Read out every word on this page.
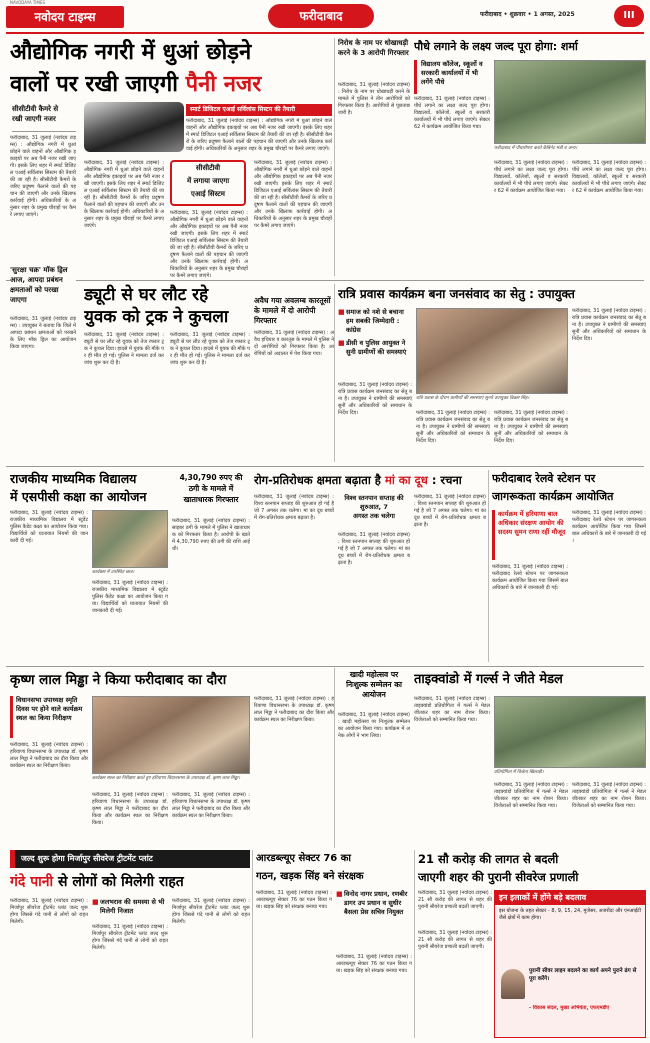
नवोदय टाइम्स
NAVODAYA TIMES
फरीदाबाद	फरीदाबाद • शुक्रवार • 1 अगस्त, 2025	III
औद्योगिक नगरी में धुआं छोड़ने
वालों पर रखी जाएगी पैनी नजर
सीसीटीवी कैमरे से
रखी जाएगी नजर
स्मार्ट डिजिटल एआई सर्विलांस सिस्टम की तैयारी
फरीदाबाद, 31 जुलाई (नवोदय टाइम्स) : औद्योगिक नगरी में धुआं छोड़ने वाले वाहनों और औद्योगिक इकाइयों पर अब पैनी नजर रखी जाएगी। इसके लिए शहर में स्मार्ट डिजिटल एआई सर्विलांस सिस्टम की तैयारी की जा रही है। सीसीटीवी कैमरों के जरिए प्रदूषण फैलाने वालों की पहचान की जाएगी और उनके खिलाफ कार्रवाई होगी। अधिकारियों के अनुसार शहर के प्रमुख चौराहों पर कैमरे लगाए जाएंगे।
फरीदाबाद, 31 जुलाई (नवोदय टाइम्स) : औद्योगिक नगरी में धुआं छोड़ने वाले वाहनों और औद्योगिक इकाइयों पर अब पैनी नजर रखी जाएगी। इसके लिए शहर में स्मार्ट डिजिटल एआई सर्विलांस सिस्टम की तैयारी की जा रही है। सीसीटीवी कैमरों के जरिए प्रदूषण फैलाने वालों की पहचान की जाएगी और उनके खिलाफ कार्रवाई होगी। अधिकारियों के अनुसार शहर के प्रमुख चौराहों पर कैमरे लगाए जाएंगे।
फरीदाबाद, 31 जुलाई (नवोदय टाइम्स) : औद्योगिक नगरी में धुआं छोड़ने वाले वाहनों और औद्योगिक इकाइयों पर अब पैनी नजर रखी जाएगी। इसके लिए शहर में स्मार्ट डिजिटल एआई सर्विलांस सिस्टम की तैयारी की जा रही है। सीसीटीवी कैमरों के जरिए प्रदूषण फैलाने वालों की पहचान की जाएगी और उनके खिलाफ कार्रवाई होगी। अधिकारियों के अनुसार शहर के प्रमुख चौराहों पर कैमरे लगाए जाएंगे।
फरीदाबाद, 31 जुलाई (नवोदय टाइम्स) : औद्योगिक नगरी में धुआं छोड़ने वाले वाहनों और औद्योगिक इकाइयों पर अब पैनी नजर रखी जाएगी। इसके लिए शहर में स्मार्ट डिजिटल एआई सर्विलांस सिस्टम की तैयारी की जा रही है। सीसीटीवी कैमरों के जरिए प्रदूषण फैलाने वालों की पहचान की जाएगी और उनके खिलाफ कार्रवाई होगी। अधिकारियों के अनुसार शहर के प्रमुख चौराहों पर कैमरे लगाए जाएंगे।
फरीदाबाद, 31 जुलाई (नवोदय टाइम्स) : औद्योगिक नगरी में धुआं छोड़ने वाले वाहनों और औद्योगिक इकाइयों पर अब पैनी नजर रखी जाएगी। इसके लिए शहर में स्मार्ट डिजिटल एआई सर्विलांस सिस्टम की तैयारी की जा रही है। सीसीटीवी कैमरों के जरिए प्रदूषण फैलाने वालों की पहचान की जाएगी और उनके खिलाफ कार्रवाई होगी। अधिकारियों के अनुसार शहर के प्रमुख चौराहों पर कैमरे लगाए जाएंगे।
सीसीटीवी
में लगाया जाएगा
एआई सिस्टम
निरोध के नाम पर धोखाधड़ी करने के 3 आरोपी गिरफ्तार
फरीदाबाद, 31 जुलाई (नवोदय टाइम्स) : निरोध के नाम पर धोखाधड़ी करने के मामले में पुलिस ने तीन आरोपियों को गिरफ्तार किया है। आरोपियों से पूछताछ जारी है।
पौधे लगाने के लक्ष्य जल्द पूरा होगा: शर्मा
विद्यालय कॉलेज, स्कूलों व सरकारी कार्यालयों में भी लगेंगे पौधे
फरीदाबाद, 31 जुलाई (नवोदय टाइम्स) : पौधे लगाने का लक्ष्य जल्द पूरा होगा। विद्यालयों, कॉलेजों, स्कूलों व सरकारी कार्यालयों में भी पौधे लगाए जाएंगे। सेक्टर 62 में कार्यक्रम आयोजित किया गया।
फरीदाबाद में पौधारोपण करते कैबिनेट मंत्री व अन्य।
फरीदाबाद, 31 जुलाई (नवोदय टाइम्स) : पौधे लगाने का लक्ष्य जल्द पूरा होगा। विद्यालयों, कॉलेजों, स्कूलों व सरकारी कार्यालयों में भी पौधे लगाए जाएंगे। सेक्टर 62 में कार्यक्रम आयोजित किया गया।
फरीदाबाद, 31 जुलाई (नवोदय टाइम्स) : पौधे लगाने का लक्ष्य जल्द पूरा होगा। विद्यालयों, कॉलेजों, स्कूलों व सरकारी कार्यालयों में भी पौधे लगाए जाएंगे। सेक्टर 62 में कार्यक्रम आयोजित किया गया।
'सुरक्षा चक्र' मॉक ड्रिल आज, आपदा प्रबंधन क्षमताओं को परखा जाएगा
फरीदाबाद, 31 जुलाई (नवोदय टाइम्स) : उपायुक्त ने बताया कि जिले में आपदा प्रबंधन क्षमताओं को परखने के लिए मॉक ड्रिल का आयोजन किया जाएगा।
ड्यूटी से घर लौट रहे
युवक को ट्रक ने कुचला
फरीदाबाद, 31 जुलाई (नवोदय टाइम्स) : ड्यूटी से घर लौट रहे युवक को तेज रफ्तार ट्रक ने कुचल दिया। हादसे में युवक की मौके पर ही मौत हो गई। पुलिस ने मामला दर्ज कर जांच शुरू कर दी है।
फरीदाबाद, 31 जुलाई (नवोदय टाइम्स) : ड्यूटी से घर लौट रहे युवक को तेज रफ्तार ट्रक ने कुचल दिया। हादसे में युवक की मौके पर ही मौत हो गई। पुलिस ने मामला दर्ज कर जांच शुरू कर दी है।
अवैध गया अवलम्ब कारतूसों के मामले में दो आरोपी गिरफ्तार
फरीदाबाद, 31 जुलाई (नवोदय टाइम्स) : अवैध हथियार व कारतूस के मामले में पुलिस ने दो आरोपियों को गिरफ्तार किया है। आरोपियों को अदालत में पेश किया गया।
रात्रि प्रवास कार्यक्रम बना जनसंवाद का सेतु : उपायुक्त
■ समाज को नशे से बचाना हम सबकी जिम्मेदारी : कांग्रेस
■ डीसी व पुलिस आयुक्त ने सुनी ग्रामीणों की समस्याएं
फरीदाबाद, 31 जुलाई (नवोदय टाइम्स) : रात्रि प्रवास कार्यक्रम जनसंवाद का सेतु बना है। उपायुक्त ने ग्रामीणों की समस्याएं सुनीं और अधिकारियों को समाधान के निर्देश दिए।
रात्रि प्रवास के दौरान ग्रामीणों की समस्याएं सुनते उपायुक्त विक्रम सिंह।
फरीदाबाद, 31 जुलाई (नवोदय टाइम्स) : रात्रि प्रवास कार्यक्रम जनसंवाद का सेतु बना है। उपायुक्त ने ग्रामीणों की समस्याएं सुनीं और अधिकारियों को समाधान के निर्देश दिए।
फरीदाबाद, 31 जुलाई (नवोदय टाइम्स) : रात्रि प्रवास कार्यक्रम जनसंवाद का सेतु बना है। उपायुक्त ने ग्रामीणों की समस्याएं सुनीं और अधिकारियों को समाधान के निर्देश दिए।
फरीदाबाद, 31 जुलाई (नवोदय टाइम्स) : रात्रि प्रवास कार्यक्रम जनसंवाद का सेतु बना है। उपायुक्त ने ग्रामीणों की समस्याएं सुनीं और अधिकारियों को समाधान के निर्देश दिए।
राजकीय माध्यमिक विद्यालय
में एसपीसी कक्षा का आयोजन
फरीदाबाद, 31 जुलाई (नवोदय टाइम्स) : राजकीय माध्यमिक विद्यालय में स्टूडेंट पुलिस कैडेट कक्षा का आयोजन किया गया। विद्यार्थियों को यातायात नियमों की जानकारी दी गई।
कार्यक्रम में उपस्थित छात्र।
फरीदाबाद, 31 जुलाई (नवोदय टाइम्स) : राजकीय माध्यमिक विद्यालय में स्टूडेंट पुलिस कैडेट कक्षा का आयोजन किया गया। विद्यार्थियों को यातायात नियमों की जानकारी दी गई।
4,30,790 रुपए की
ठगी के मामले में
खाताधारक गिरफ्तार
फरीदाबाद, 31 जुलाई (नवोदय टाइम्स) : साइबर ठगी के मामले में पुलिस ने खाताधारक को गिरफ्तार किया है। आरोपी के खाते में 4,30,790 रुपए की ठगी की राशि आई थी।
रोग-प्रतिरोधक क्षमता बढ़ाता है मां का दूध : रचना
फरीदाबाद, 31 जुलाई (नवोदय टाइम्स) : विश्व स्तनपान सप्ताह की शुरुआत हो गई है जो 7 अगस्त तक चलेगा। मां का दूध बच्चों में रोग-प्रतिरोधक क्षमता बढ़ाता है।
विश्व स्तनपान सप्ताह की शुरुआत, 7
अगस्त तक चलेगा
फरीदाबाद, 31 जुलाई (नवोदय टाइम्स) : विश्व स्तनपान सप्ताह की शुरुआत हो गई है जो 7 अगस्त तक चलेगा। मां का दूध बच्चों में रोग-प्रतिरोधक क्षमता बढ़ाता है।
फरीदाबाद, 31 जुलाई (नवोदय टाइम्स) : विश्व स्तनपान सप्ताह की शुरुआत हो गई है जो 7 अगस्त तक चलेगा। मां का दूध बच्चों में रोग-प्रतिरोधक क्षमता बढ़ाता है।
फरीदाबाद रेलवे स्टेशन पर
जागरूकता कार्यक्रम आयोजित
कार्यक्रम में हरियाणा बाल अधिकार संरक्षण आयोग की सदस्य सुमन राणा रहीं मौजूद
फरीदाबाद, 31 जुलाई (नवोदय टाइम्स) : फरीदाबाद रेलवे स्टेशन पर जागरूकता कार्यक्रम आयोजित किया गया जिसमें बाल अधिकारों के बारे में जानकारी दी गई।
फरीदाबाद, 31 जुलाई (नवोदय टाइम्स) : फरीदाबाद रेलवे स्टेशन पर जागरूकता कार्यक्रम आयोजित किया गया जिसमें बाल अधिकारों के बारे में जानकारी दी गई।
कृष्ण लाल मिड्ढा ने किया फरीदाबाद का दौरा
विधानसभा उपाध्यक्ष स्मृति दिवस पर होने वाले कार्यक्रम स्थल का किया निरीक्षण
फरीदाबाद, 31 जुलाई (नवोदय टाइम्स) : हरियाणा विधानसभा के उपाध्यक्ष डॉ. कृष्ण लाल मिड्ढा ने फरीदाबाद का दौरा किया और कार्यक्रम स्थल का निरीक्षण किया।
कार्यक्रम स्थल का निरीक्षण करते हुए हरियाणा विधानसभा के उपाध्यक्ष डॉ. कृष्ण लाल मिड्ढा।
फरीदाबाद, 31 जुलाई (नवोदय टाइम्स) : हरियाणा विधानसभा के उपाध्यक्ष डॉ. कृष्ण लाल मिड्ढा ने फरीदाबाद का दौरा किया और कार्यक्रम स्थल का निरीक्षण किया।
फरीदाबाद, 31 जुलाई (नवोदय टाइम्स) : हरियाणा विधानसभा के उपाध्यक्ष डॉ. कृष्ण लाल मिड्ढा ने फरीदाबाद का दौरा किया और कार्यक्रम स्थल का निरीक्षण किया।
फरीदाबाद, 31 जुलाई (नवोदय टाइम्स) : हरियाणा विधानसभा के उपाध्यक्ष डॉ. कृष्ण लाल मिड्ढा ने फरीदाबाद का दौरा किया और कार्यक्रम स्थल का निरीक्षण किया।
खादी महोत्सव पर निःशुल्क सम्मेलन का आयोजन
फरीदाबाद, 31 जुलाई (नवोदय टाइम्स) : खादी महोत्सव पर निःशुल्क सम्मेलन का आयोजन किया गया। कार्यक्रम में अनेक लोगों ने भाग लिया।
ताइक्वांडो में गर्ल्स ने जीते मेडल
फरीदाबाद, 31 जुलाई (नवोदय टाइम्स) : ताइक्वांडो प्रतियोगिता में गर्ल्स ने मेडल जीतकर शहर का नाम रोशन किया। विजेताओं को सम्मानित किया गया।
प्रतियोगिता में विजेता खिलाड़ी।
फरीदाबाद, 31 जुलाई (नवोदय टाइम्स) : ताइक्वांडो प्रतियोगिता में गर्ल्स ने मेडल जीतकर शहर का नाम रोशन किया। विजेताओं को सम्मानित किया गया।
फरीदाबाद, 31 जुलाई (नवोदय टाइम्स) : ताइक्वांडो प्रतियोगिता में गर्ल्स ने मेडल जीतकर शहर का नाम रोशन किया। विजेताओं को सम्मानित किया गया।
जल्द शुरू होगा मिर्जापुर सीवरेज ट्रीटमेंट प्लांट
गंदे पानी से लोगों को मिलेगी राहत
फरीदाबाद, 31 जुलाई (नवोदय टाइम्स) : मिर्जापुर सीवरेज ट्रीटमेंट प्लांट जल्द शुरू होगा जिससे गंदे पानी से लोगों को राहत मिलेगी।
■ जलभराव की समस्या से भी मिलेगी निजात
फरीदाबाद, 31 जुलाई (नवोदय टाइम्स) : मिर्जापुर सीवरेज ट्रीटमेंट प्लांट जल्द शुरू होगा जिससे गंदे पानी से लोगों को राहत मिलेगी।
फरीदाबाद, 31 जुलाई (नवोदय टाइम्स) : मिर्जापुर सीवरेज ट्रीटमेंट प्लांट जल्द शुरू होगा जिससे गंदे पानी से लोगों को राहत मिलेगी।
आरडब्ल्यूए सेक्टर 76 का
गठन, खड़क सिंह बने संरक्षक
फरीदाबाद, 31 जुलाई (नवोदय टाइम्स) : आरडब्ल्यूए सेक्टर 76 का गठन किया गया। खड़क सिंह को संरक्षक बनाया गया।
■ विनोद नागर प्रधान, रणबीर डागर उप प्रधान व सुधीर बैसला प्रेस सचिव नियुक्त
फरीदाबाद, 31 जुलाई (नवोदय टाइम्स) : आरडब्ल्यूए सेक्टर 76 का गठन किया गया। खड़क सिंह को संरक्षक बनाया गया।
21 सौ करोड़ की लागत से बदली
जाएगी शहर की पुरानी सीवरेज प्रणाली
फरीदाबाद, 31 जुलाई (नवोदय टाइम्स) : 21 सौ करोड़ की लागत से शहर की पुरानी सीवरेज प्रणाली बदली जाएगी।
इन इलाकों में होंगे बड़े बदलाव
इस योजना के तहत सेक्टर - 8, 9, 15, 24, मुजेसर, अजरोंदा और एनआईटी जैसे क्षेत्रों में काम होगा।
पुरानी सीवर लाइन बदलने का कार्य अपने पुराने ढंग से पूरा करेंगे।
- विकास संदल, मुख्य अभियंता, एफएमडीए
फरीदाबाद, 31 जुलाई (नवोदय टाइम्स) : 21 सौ करोड़ की लागत से शहर की पुरानी सीवरेज प्रणाली बदली जाएगी।
